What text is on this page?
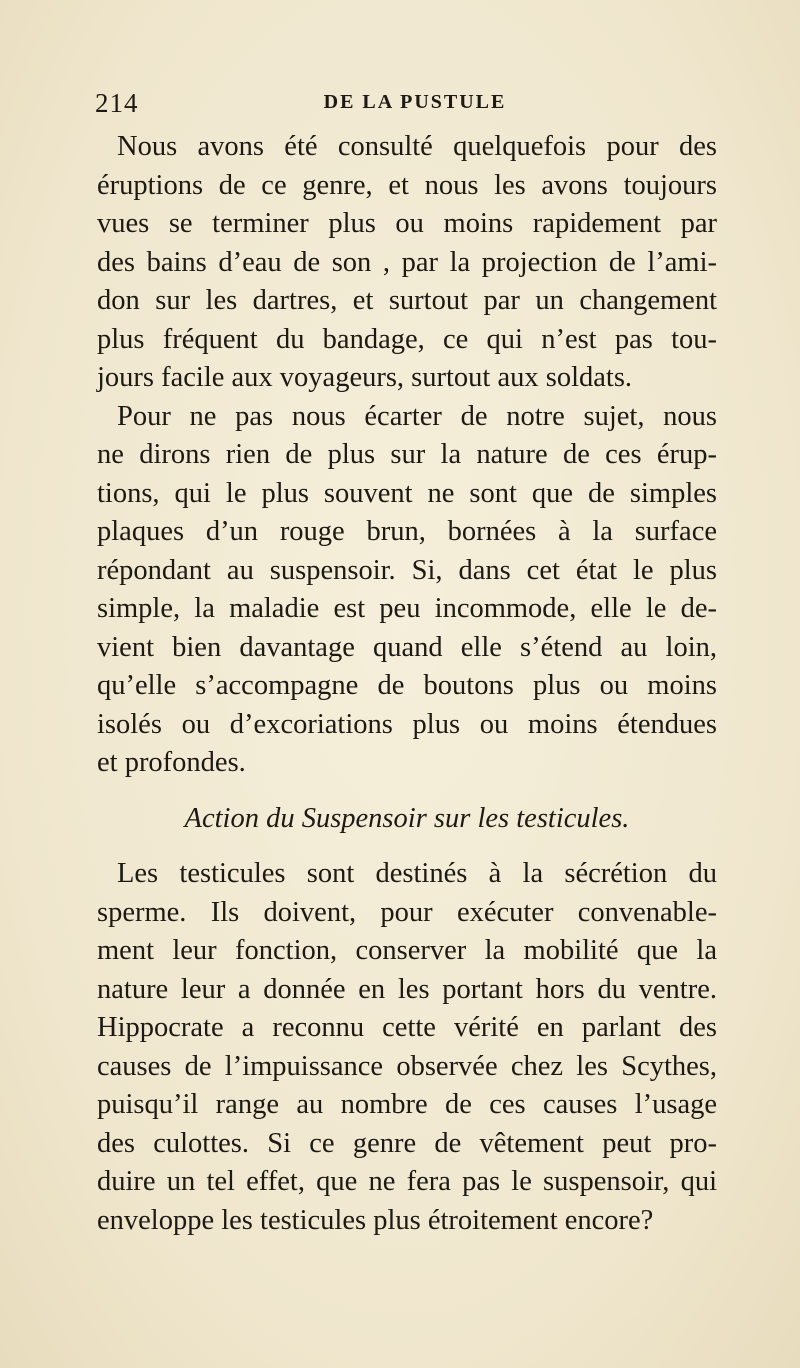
214	DE LA PUSTULE
Nous avons été consulté quelquefois pour des
éruptions de ce genre, et nous les avons toujours
vues se terminer plus ou moins rapidement par
des bains d’eau de son , par la projection de l’ami-
don sur les dartres, et surtout par un changement
plus fréquent du bandage, ce qui n’est pas tou-
jours facile aux voyageurs, surtout aux soldats.
Pour ne pas nous écarter de notre sujet, nous
ne dirons rien de plus sur la nature de ces érup-
tions, qui le plus souvent ne sont que de simples
plaques d’un rouge brun, bornées à la surface
répondant au suspensoir. Si, dans cet état le plus
simple, la maladie est peu incommode, elle le de-
vient bien davantage quand elle s’étend au loin,
qu’elle s’accompagne de boutons plus ou moins
isolés ou d’excoriations plus ou moins étendues
et profondes.
Action du Suspensoir sur les testicules.
Les testicules sont destinés à la sécrétion du
sperme. Ils doivent, pour exécuter convenable-
ment leur fonction, conserver la mobilité que la
nature leur a donnée en les portant hors du ventre.
Hippocrate a reconnu cette vérité en parlant des
causes de l’impuissance observée chez les Scythes,
puisqu’il range au nombre de ces causes l’usage
des culottes. Si ce genre de vêtement peut pro-
duire un tel effet, que ne fera pas le suspensoir, qui
enveloppe les testicules plus étroitement encore?
